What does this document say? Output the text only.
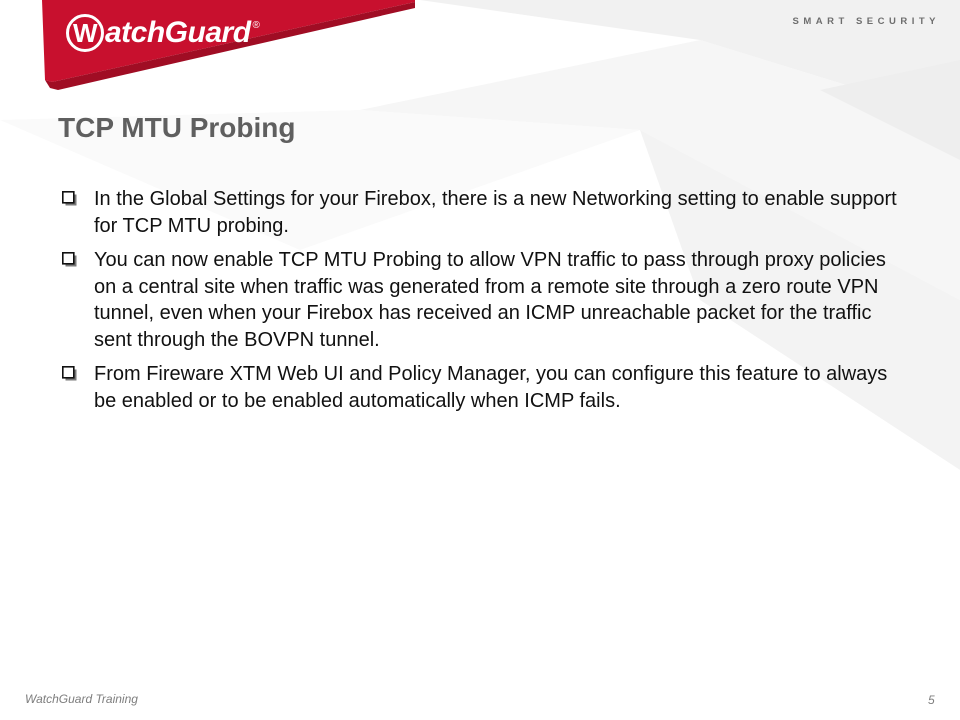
W atchGuard ®	SMART SECURITY
TCP MTU Probing
In the Global Settings for your Firebox, there is a new Networking setting to enable support for TCP MTU probing.
You can now enable TCP MTU Probing to allow VPN traffic to pass through proxy policies on a central site when traffic was generated from a remote site through a zero route VPN tunnel, even when your Firebox has received an ICMP unreachable packet for the traffic sent through the BOVPN tunnel.
From Fireware XTM Web UI and Policy Manager, you can configure this feature to always be enabled or to be enabled automatically when ICMP fails.
WatchGuard Training	5
